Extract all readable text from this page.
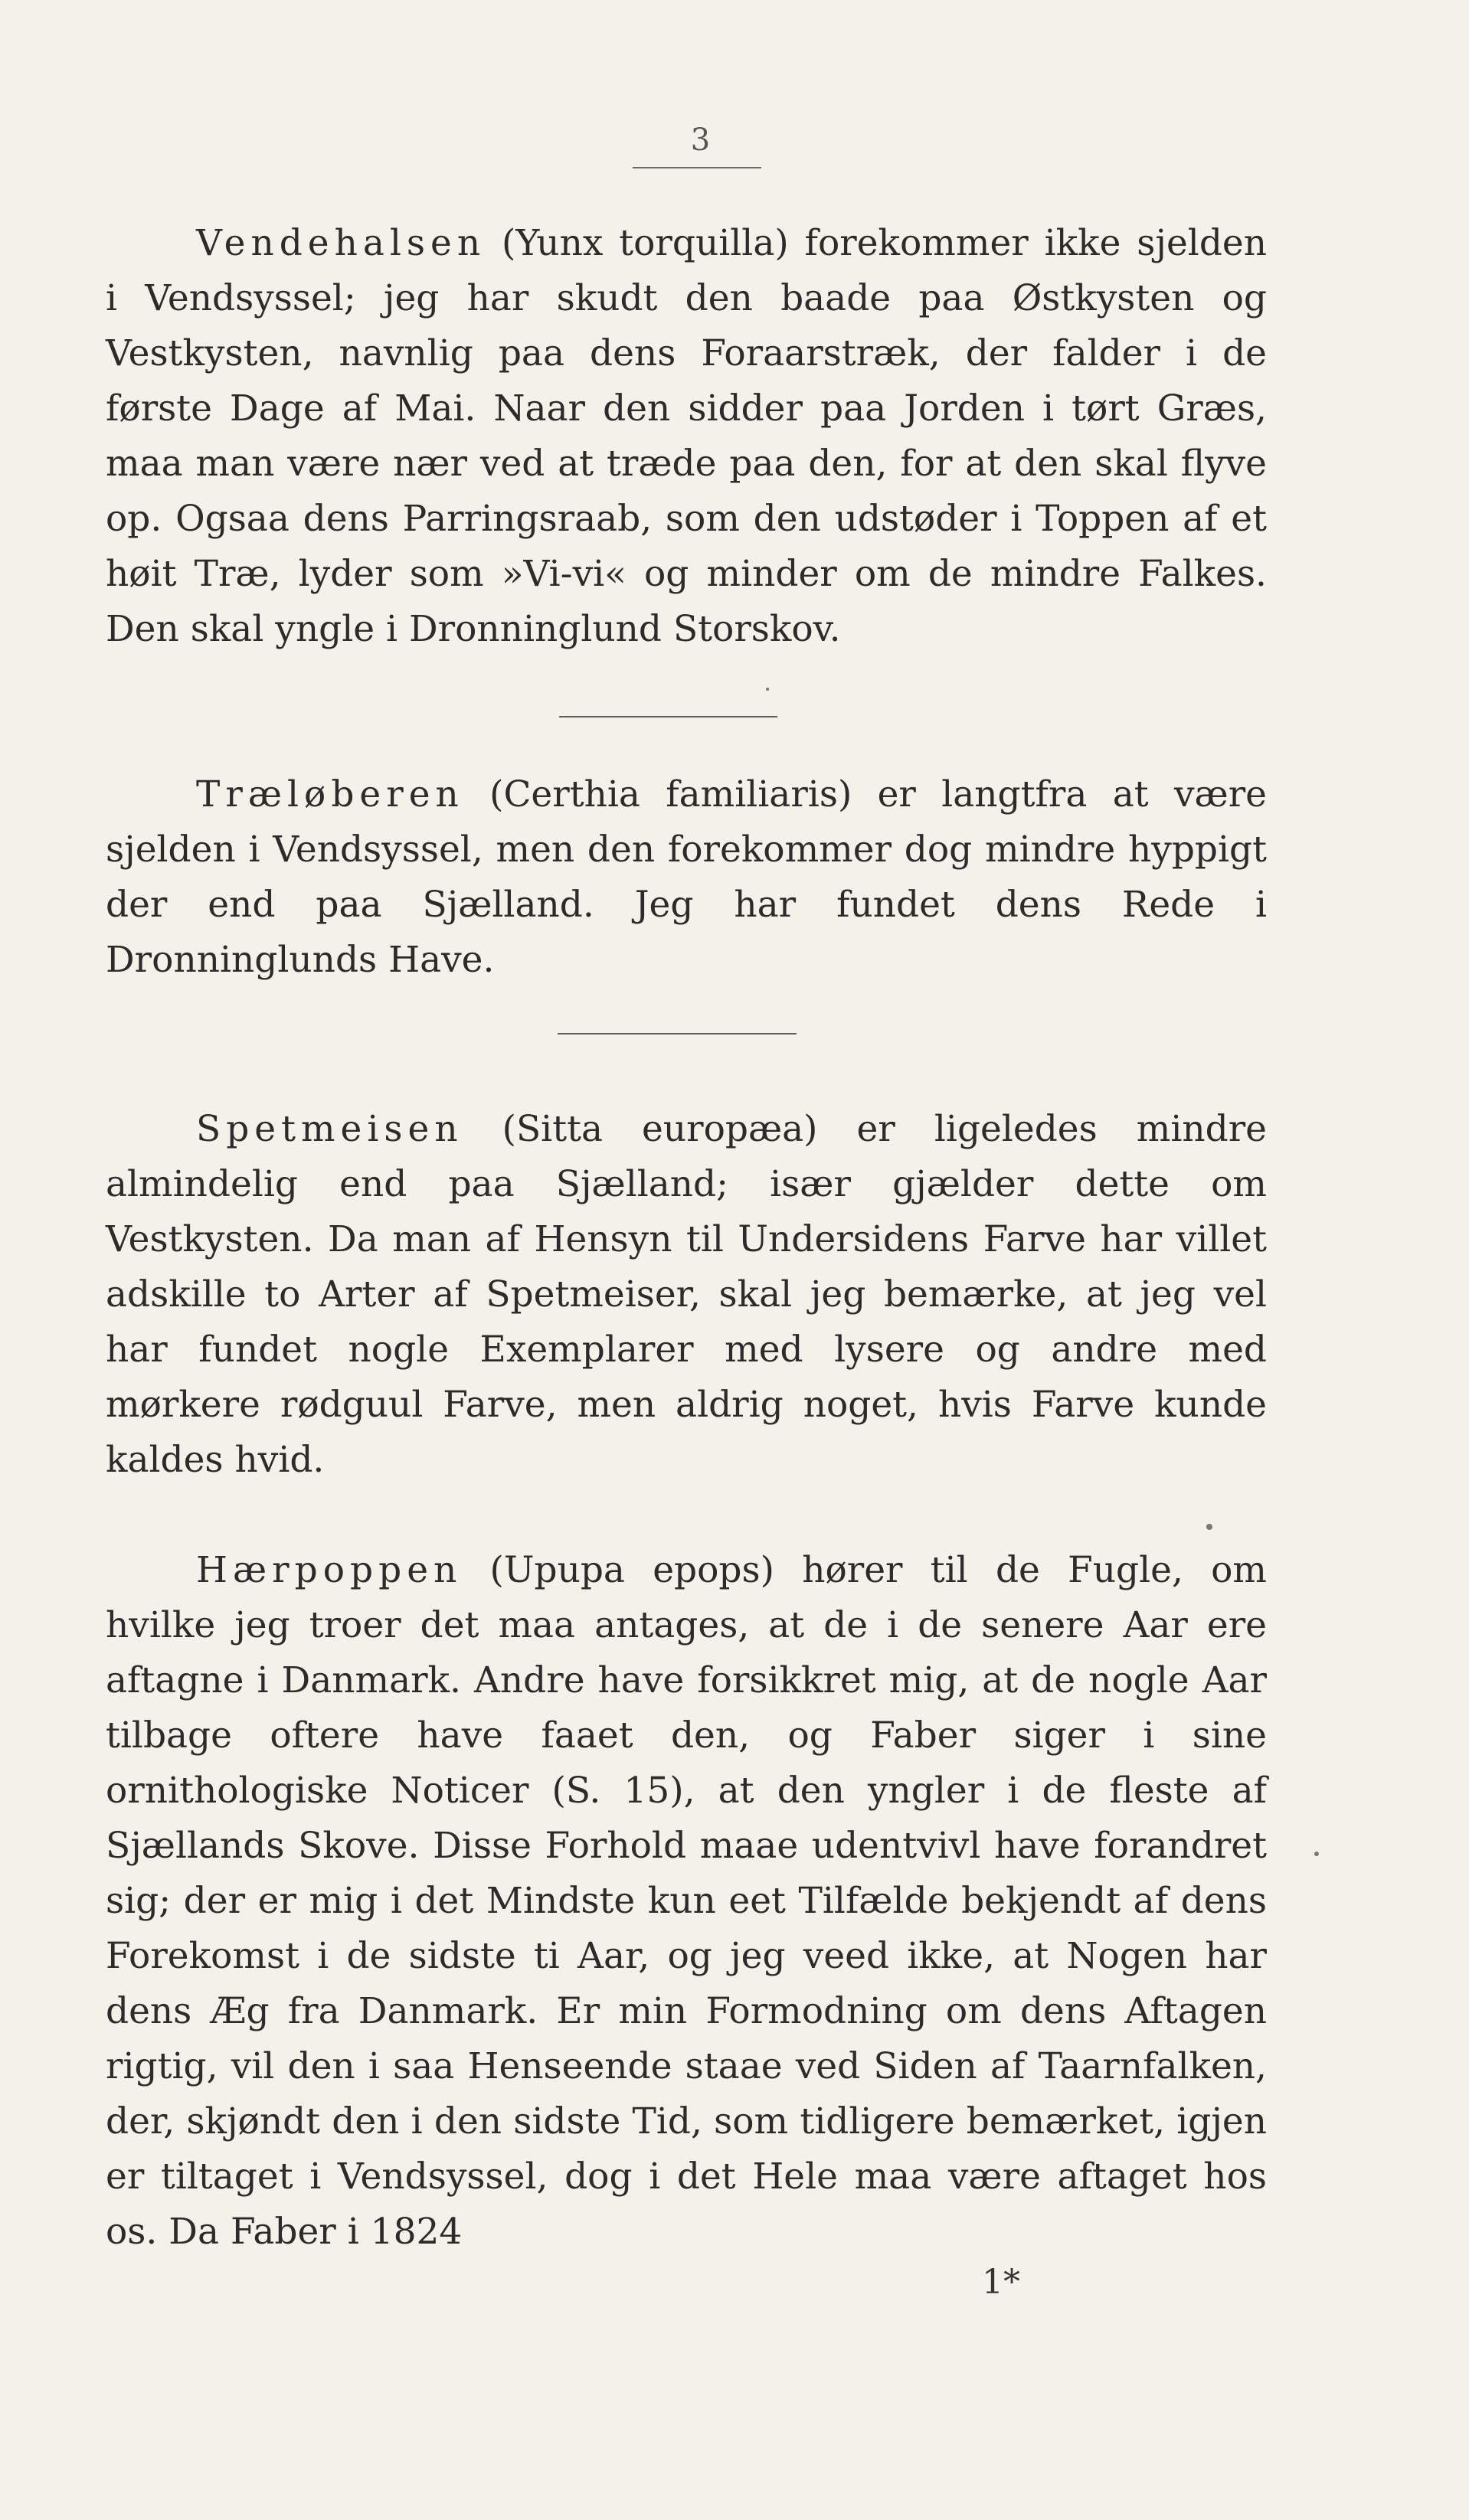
3

Vendehalsen (Yunx torquilla) forekommer ikke sjelden i Vendsyssel; jeg har skudt den baade paa Østkysten og Vestkysten, navnlig paa dens Foraarstræk, der falder i de første Dage af Mai. Naar den sidder paa Jorden i tørt Græs, maa man være nær ved at træde paa den, for at den skal flyve op. Ogsaa dens Parringsraab, som den udstøder i Toppen af et høit Træ, lyder som »Vi-vi« og minder om de mindre Falkes. Den skal yngle i Dronninglund Storskov.

Træløberen (Certhia familiaris) er langtfra at være sjelden i Vendsyssel, men den forekommer dog mindre hyppigt der end paa Sjælland. Jeg har fundet dens Rede i Dronninglunds Have.

Spetmeisen (Sitta europæa) er ligeledes mindre almindelig end paa Sjælland; især gjælder dette om Vestkysten. Da man af Hensyn til Undersidens Farve har villet adskille to Arter af Spetmeiser, skal jeg bemærke, at jeg vel har fundet nogle Exemplarer med lysere og andre med mørkere rødguul Farve, men aldrig noget, hvis Farve kunde kaldes hvid.

Hærpoppen (Upupa epops) hører til de Fugle, om hvilke jeg troer det maa antages, at de i de senere Aar ere aftagne i Danmark. Andre have forsikkret mig, at de nogle Aar tilbage oftere have faaet den, og Faber siger i sine ornithologiske Noticer (S. 15), at den yngler i de fleste af Sjællands Skove. Disse Forhold maae udentvivl have forandret sig; der er mig i det Mindste kun eet Tilfælde bekjendt af dens Forekomst i de sidste ti Aar, og jeg veed ikke, at Nogen har dens Æg fra Danmark. Er min Formodning om dens Aftagen rigtig, vil den i saa Henseende staae ved Siden af Taarnfalken, der, skjøndt den i den sidste Tid, som tidligere bemærket, igjen er tiltaget i Vendsyssel, dog i det Hele maa være aftaget hos os. Da Faber i 1824

1*
